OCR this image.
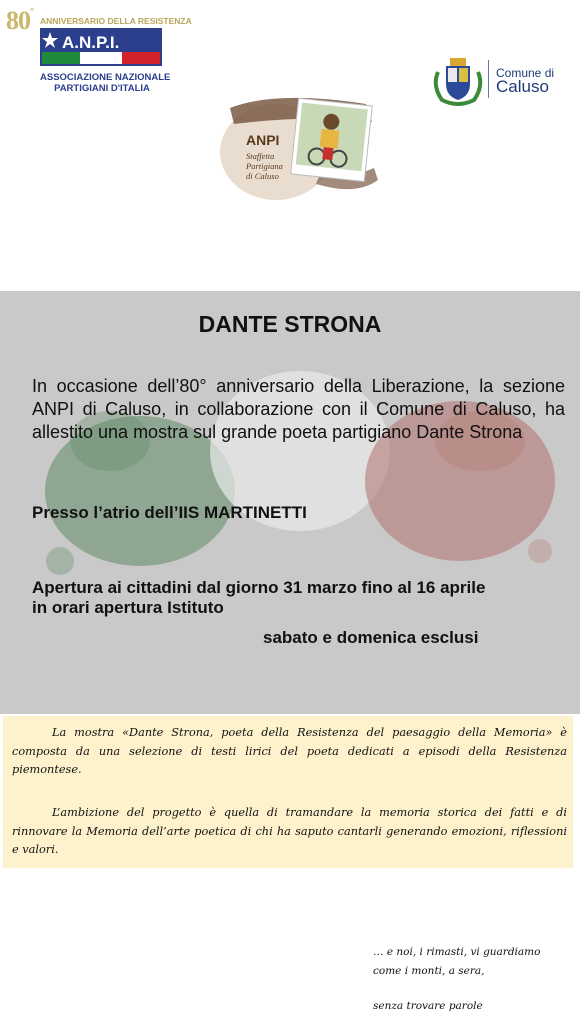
80°
ANNIVERSARIO DELLA RESISTENZA
A.N.P.I.
ASSOCIAZIONE NAZIONALE
PARTIGIANI D'ITALIA
ANPI
Staffetta
Partigiana
di Caluso
Comune di
Caluso
DANTE STRONA
In occasione dell’80° anniversario della Liberazione, la sezione ANPI di Caluso, in collaborazione con il Comune di Caluso, ha allestito una mostra sul grande poeta partigiano Dante Strona
Presso l’atrio dell’IIS MARTINETTI
Apertura ai cittadini dal giorno 31 marzo fino al 16 aprile
in orari apertura Istituto
sabato e domenica esclusi

La mostra «Dante Strona, poeta della Resistenza del paesaggio della Memoria» è composta da una selezione di testi lirici del poeta dedicati a episodi della Resistenza piemontese.

L’ambizione del progetto è quella di tramandare la memoria storica dei fatti e di rinnovare la Memoria dell’arte poetica di chi ha saputo cantarli generando emozioni, riflessioni e valori.

… e noi, i rimasti, vi guardiamo
come i monti, a sera,
senza trovare parole
